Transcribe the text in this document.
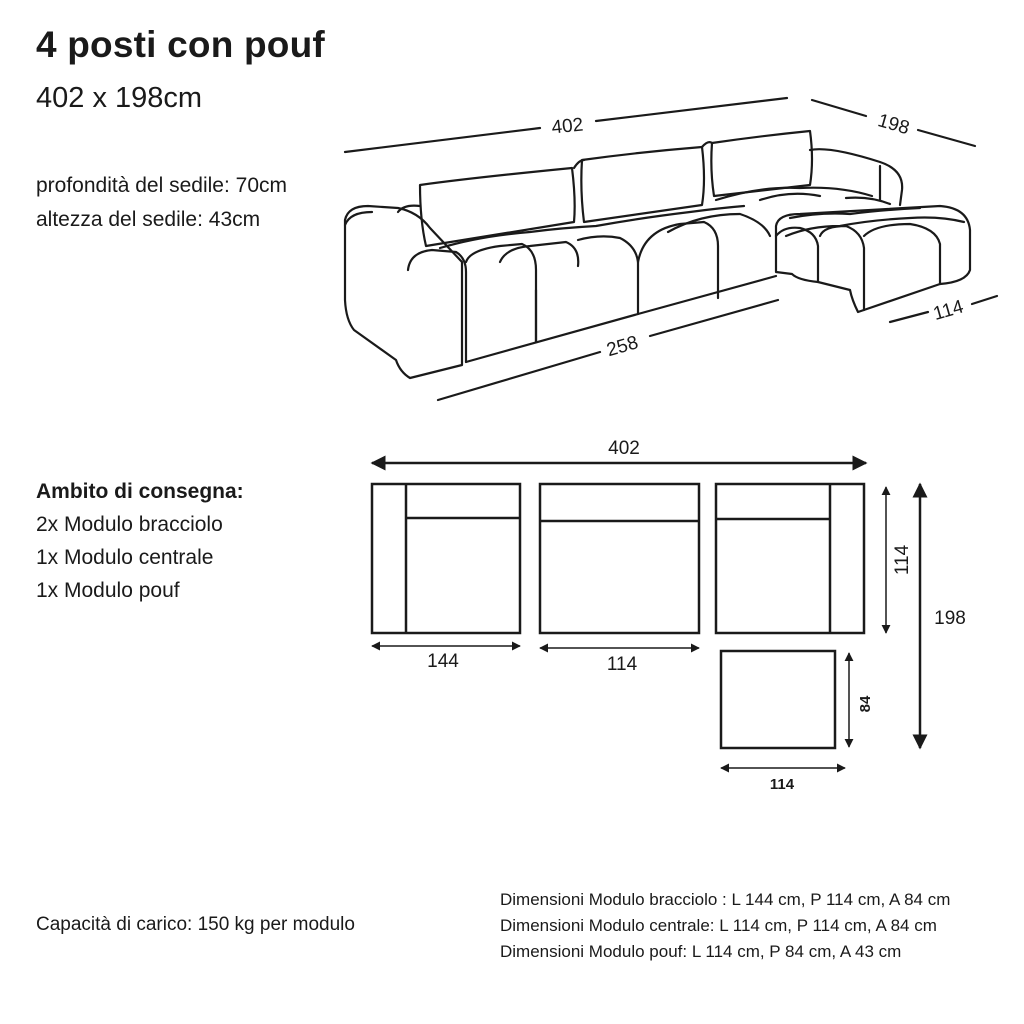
4 posti con pouf
402 x 198cm
profondità del sedile: 70cm
altezza del sedile: 43cm
Ambito di consegna:
2x Modulo bracciolo
1x Modulo centrale
1x Modulo pouf
Capacità di carico: 150 kg per modulo
Dimensioni Modulo bracciolo : L 144 cm, P 114 cm, A 84 cm
Dimensioni Modulo centrale: L 114 cm, P 114 cm, A 84 cm
Dimensioni Modulo pouf: L 114 cm, P 84 cm, A 43 cm
402	198
258
114
402
144	114
114
198
84
114
